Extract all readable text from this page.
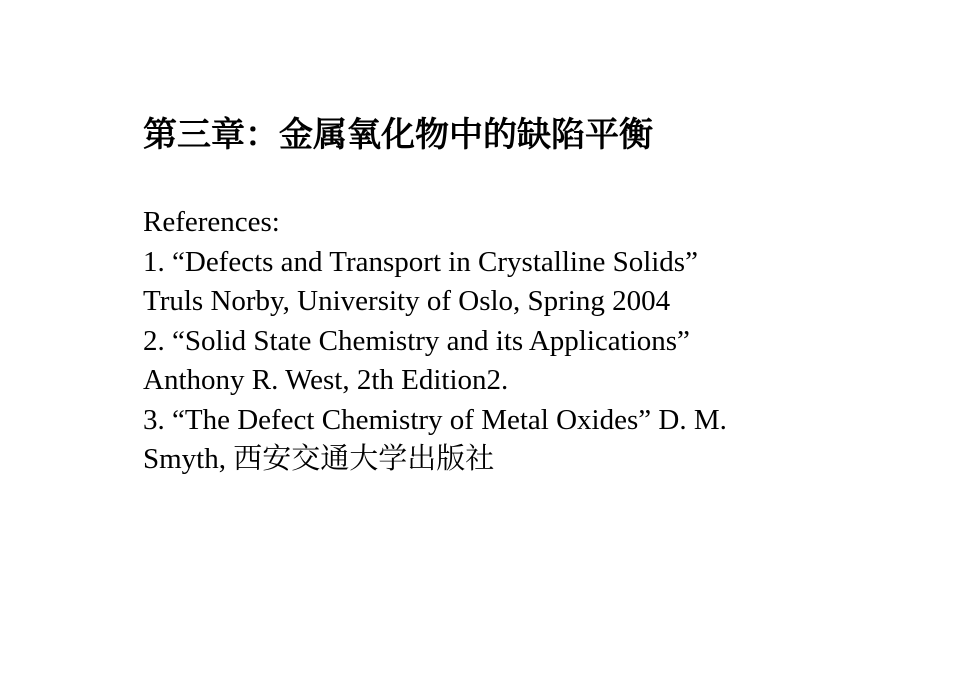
第三章：金属氧化物中的缺陷平衡
References:
1. “Defects and Transport in Crystalline Solids”
Truls Norby, University of Oslo, Spring 2004
2. “Solid State Chemistry and its Applications”
Anthony R. West, 2th Edition2.
3. “The Defect Chemistry of Metal Oxides” D. M.
Smyth, 西安交通大学出版社
